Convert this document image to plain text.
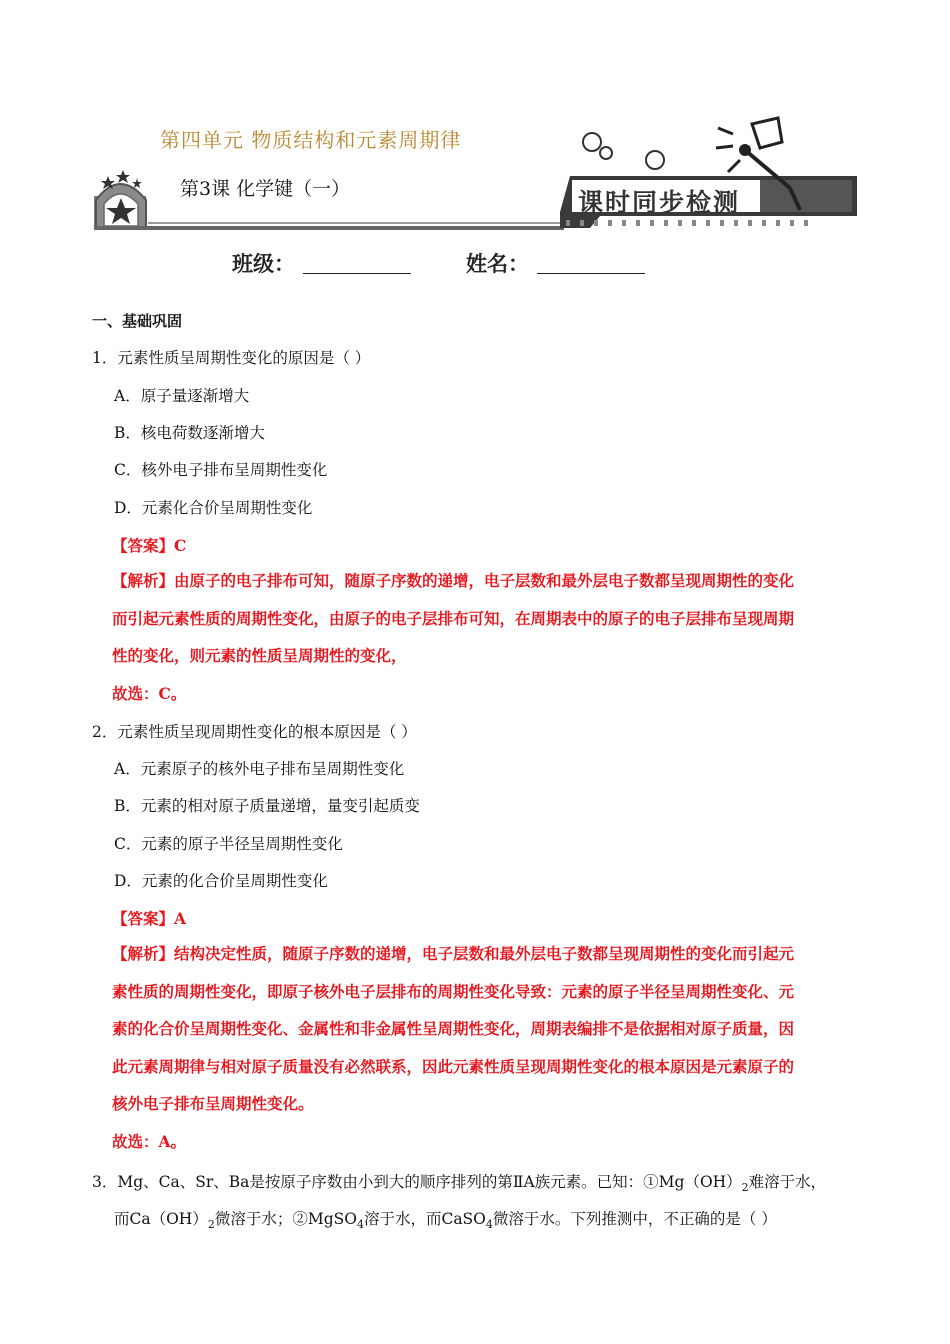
第四单元 物质结构和元素周期律
第3课 化学键（一）	课时同步检测
班级：	姓名：
一、基础巩固
1．元素性质呈周期性变化的原因是（ ）
A．原子量逐渐增大
B．核电荷数逐渐增大
C．核外电子排布呈周期性变化
D．元素化合价呈周期性变化
【答案】C
【解析】由原子的电子排布可知，随原子序数的递增，电子层数和最外层电子数都呈现周期性的变化
而引起元素性质的周期性变化，由原子的电子层排布可知，在周期表中的原子的电子层排布呈现周期
性的变化，则元素的性质呈周期性的变化，
故选：C。
2．元素性质呈现周期性变化的根本原因是（ ）
A．元素原子的核外电子排布呈周期性变化
B．元素的相对原子质量递增，量变引起质变
C．元素的原子半径呈周期性变化
D．元素的化合价呈周期性变化
【答案】A
【解析】结构决定性质，随原子序数的递增，电子层数和最外层电子数都呈现周期性的变化而引起元
素性质的周期性变化，即原子核外电子层排布的周期性变化导致：元素的原子半径呈周期性变化、元
素的化合价呈周期性变化、金属性和非金属性呈周期性变化，周期表编排不是依据相对原子质量，因
此元素周期律与相对原子质量没有必然联系，因此元素性质呈现周期性变化的根本原因是元素原子的
核外电子排布呈周期性变化。
故选：A。
3．Mg、Ca、Sr、Ba是按原子序数由小到大的顺序排列的第ⅡA族元素。已知：$①Mg(OH)_2$难溶于水，
而$Ca(OH)_2$微溶于水；②MgSO$_4$溶于水，而CaSO$_4$微溶于水。下列推测中，不正确的是（ ）
